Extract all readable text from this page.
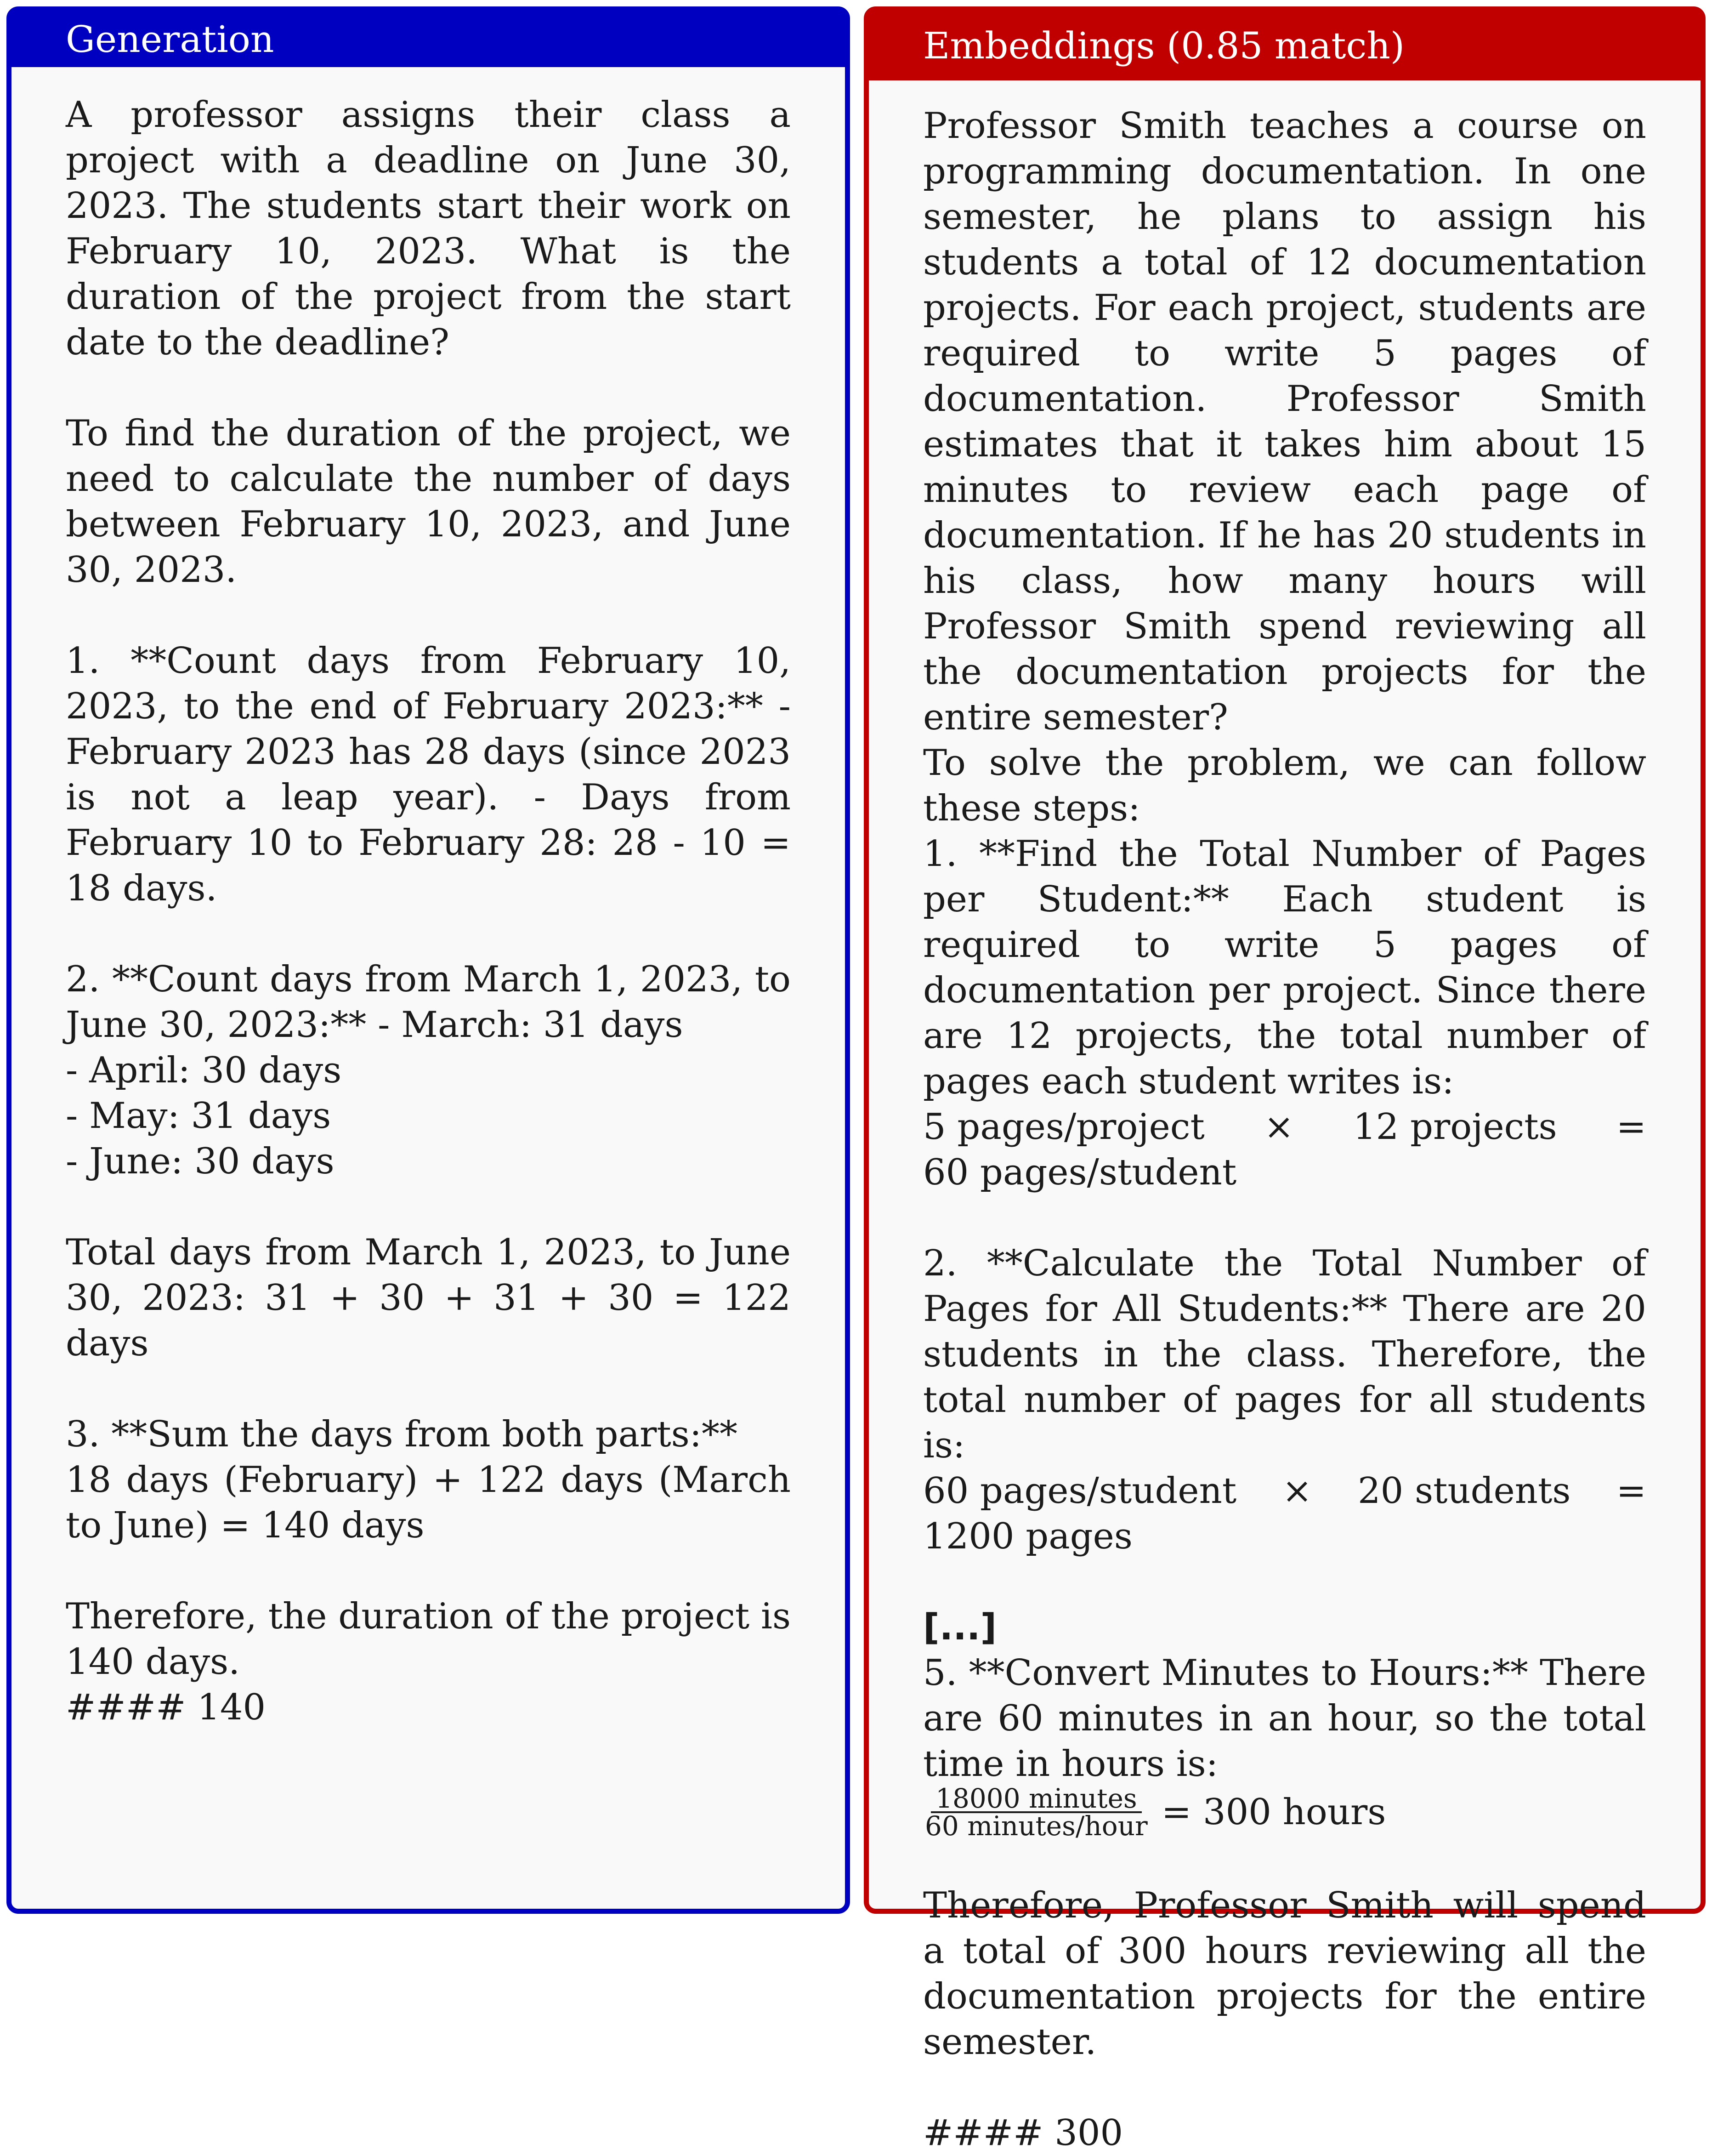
Generation

A professor assigns their class a project with a deadline on June 30, 2023. The students start their work on February 10, 2023. What is the duration of the project from the start date to the deadline?

To find the duration of the project, we need to calculate the number of days between February 10, 2023, and June 30, 2023.

1. **Count days from February 10, 2023, to the end of February 2023:** - February 2023 has 28 days (since 2023 is not a leap year). - Days from February 10 to February 28: 28 - 10 = 18 days.

2. **Count days from March 1, 2023, to June 30, 2023:** - March: 31 days

- April: 30 days

- May: 31 days

- June: 30 days

Total days from March 1, 2023, to June 30, 2023: 31 + 30 + 31 + 30 = 122 days

3. **Sum the days from both parts:**

18 days (February) + 122 days (March to June) = 140 days

Therefore, the duration of the project is 140 days.

#### 140

Embeddings (0.85 match)

Professor Smith teaches a course on programming documentation. In one semester, he plans to assign his students a total of 12 documentation projects. For each project, students are required to write 5 pages of documentation. Professor Smith estimates that it takes him about 15 minutes to review each page of documentation. If he has 20 students in his class, how many hours will Professor Smith spend reviewing all the documentation projects for the entire semester?

To solve the problem, we can follow these steps:

1. **Find the Total Number of Pages per Student:** Each student is required to write 5 pages of documentation per project. Since there are 12 projects, the total number of pages each student writes is:

5 pages/project × 12 projects =

60 pages/student

2. **Calculate the Total Number of Pages for All Students:** There are 20 students in the class. Therefore, the total number of pages for all students is:

60 pages/student × 20 students =

1200 pages

[...]

5. **Convert Minutes to Hours:** There are 60 minutes in an hour, so the total time in hours is:

$\frac{\text{18000 minutes}}{\text{60 minutes/hour}} = 300$ hours

Therefore, Professor Smith will spend a total of 300 hours reviewing all the documentation projects for the entire semester.

#### 300
